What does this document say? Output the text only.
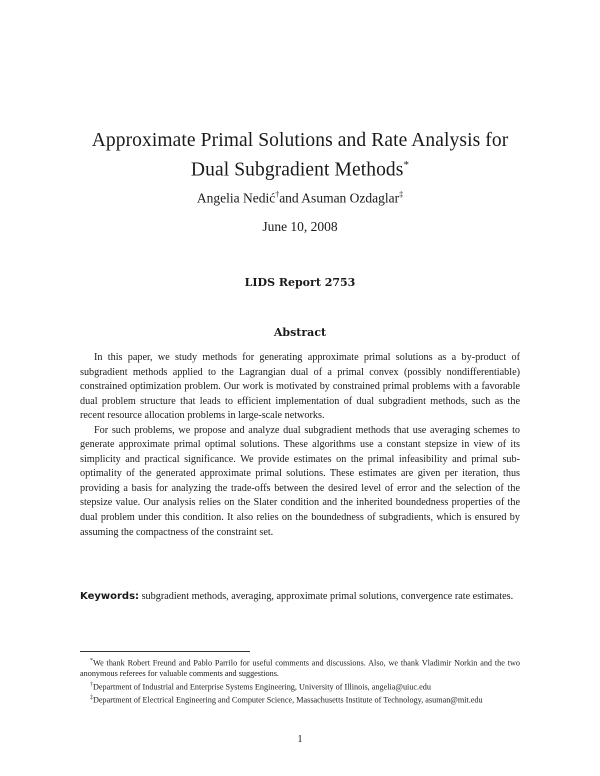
Approximate Primal Solutions and Rate Analysis for
Dual Subgradient Methods*
Angelia Nedić†and Asuman Ozdaglar‡
June 10, 2008
LIDS Report 2753
Abstract

In this paper, we study methods for generating approximate primal solutions as a by-product of subgradient methods applied to the Lagrangian dual of a primal convex (possibly nondifferentiable) constrained optimization problem. Our work is motivated by constrained primal problems with a favorable dual problem structure that leads to efficient implementation of dual subgradient methods, such as the recent resource allocation problems in large-scale networks.

For such problems, we propose and analyze dual subgradient methods that use averaging schemes to generate approximate primal optimal solutions. These algorithms use a constant stepsize in view of its simplicity and practical significance. We provide estimates on the primal infeasibility and primal sub-optimality of the generated approximate primal solutions. These estimates are given per iteration, thus providing a basis for analyzing the trade-offs between the desired level of error and the selection of the stepsize value. Our analysis relies on the Slater condition and the inherited boundedness properties of the dual problem under this condition. It also relies on the boundedness of subgradients, which is ensured by assuming the compactness of the constraint set.

Keywords: subgradient methods, averaging, approximate primal solutions, convergence rate estimates.

*We thank Robert Freund and Pablo Parrilo for useful comments and discussions. Also, we thank Vladimir Norkin and the two anonymous referees for valuable comments and suggestions.

†Department of Industrial and Enterprise Systems Engineering, University of Illinois, angelia@uiuc.edu

‡Department of Electrical Engineering and Computer Science, Massachusetts Institute of Technology, asuman@mit.edu

1
